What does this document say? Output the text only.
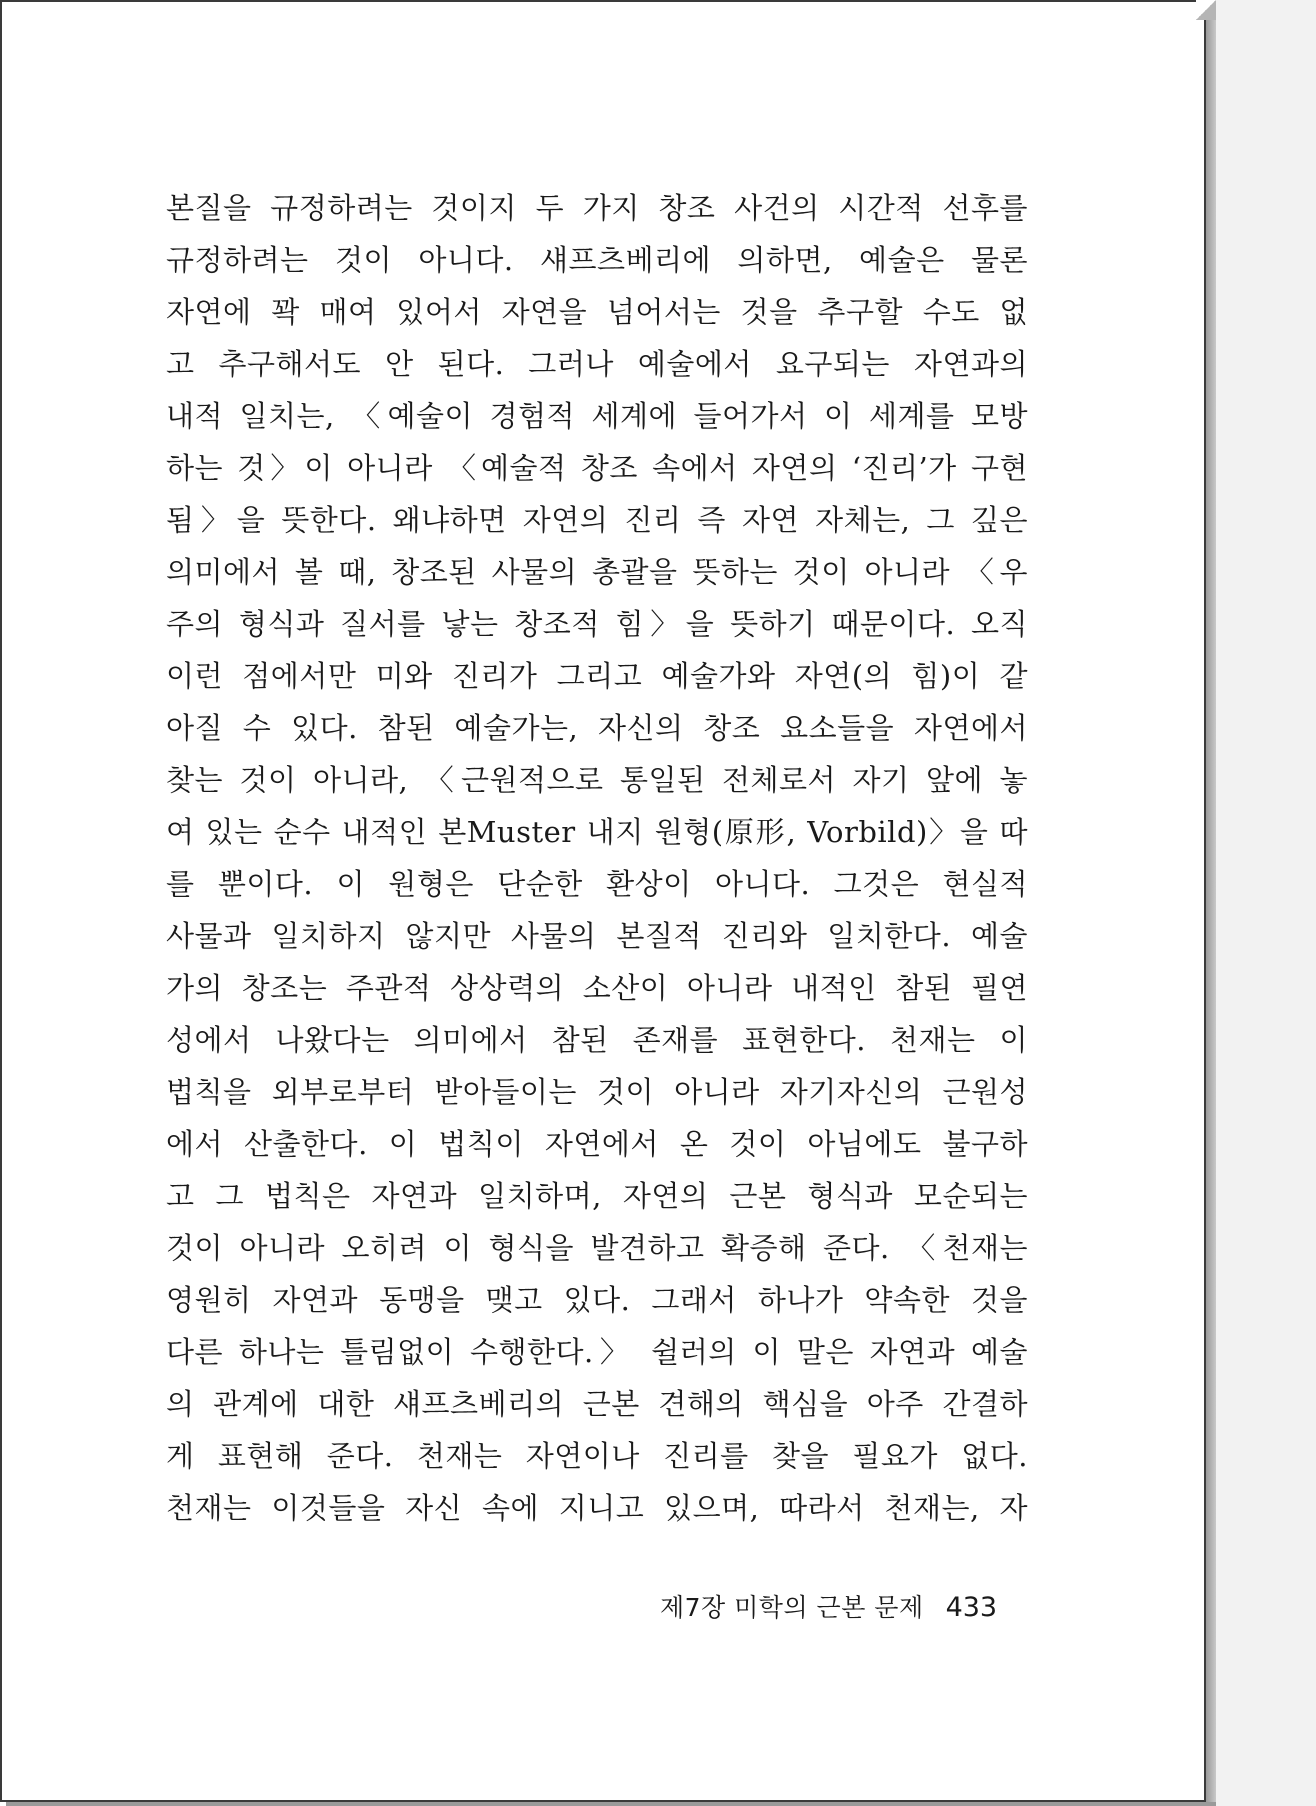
본질을 규정하려는 것이지 두 가지 창조 사건의 시간적 선후를
규정하려는 것이 아니다. 섀프츠베리에 의하면, 예술은 물론
자연에 꽉 매여 있어서 자연을 넘어서는 것을 추구할 수도 없
고 추구해서도 안 된다. 그러나 예술에서 요구되는 자연과의
내적 일치는, 〈예술이 경험적 세계에 들어가서 이 세계를 모방
하는 것〉이 아니라 〈예술적 창조 속에서 자연의 ‘진리’가 구현
됨〉을 뜻한다. 왜냐하면 자연의 진리 즉 자연 자체는, 그 깊은
의미에서 볼 때, 창조된 사물의 총괄을 뜻하는 것이 아니라 〈우
주의 형식과 질서를 낳는 창조적 힘〉을 뜻하기 때문이다. 오직
이런 점에서만 미와 진리가 그리고 예술가와 자연(의 힘)이 같
아질 수 있다. 참된 예술가는, 자신의 창조 요소들을 자연에서
찾는 것이 아니라, 〈근원적으로 통일된 전체로서 자기 앞에 놓
여 있는 순수 내적인 본Muster 내지 원형(原形, Vorbild)〉을 따
를 뿐이다. 이 원형은 단순한 환상이 아니다. 그것은 현실적
사물과 일치하지 않지만 사물의 본질적 진리와 일치한다. 예술
가의 창조는 주관적 상상력의 소산이 아니라 내적인 참된 필연
성에서 나왔다는 의미에서 참된 존재를 표현한다. 천재는 이
법칙을 외부로부터 받아들이는 것이 아니라 자기자신의 근원성
에서 산출한다. 이 법칙이 자연에서 온 것이 아님에도 불구하
고 그 법칙은 자연과 일치하며, 자연의 근본 형식과 모순되는
것이 아니라 오히려 이 형식을 발견하고 확증해 준다. 〈천재는
영원히 자연과 동맹을 맺고 있다. 그래서 하나가 약속한 것을
다른 하나는 틀림없이 수행한다.〉 쉴러의 이 말은 자연과 예술
의 관계에 대한 섀프츠베리의 근본 견해의 핵심을 아주 간결하
게 표현해 준다. 천재는 자연이나 진리를 찾을 필요가 없다.
천재는 이것들을 자신 속에 지니고 있으며, 따라서 천재는, 자
제7장 미학의 근본 문제 433
